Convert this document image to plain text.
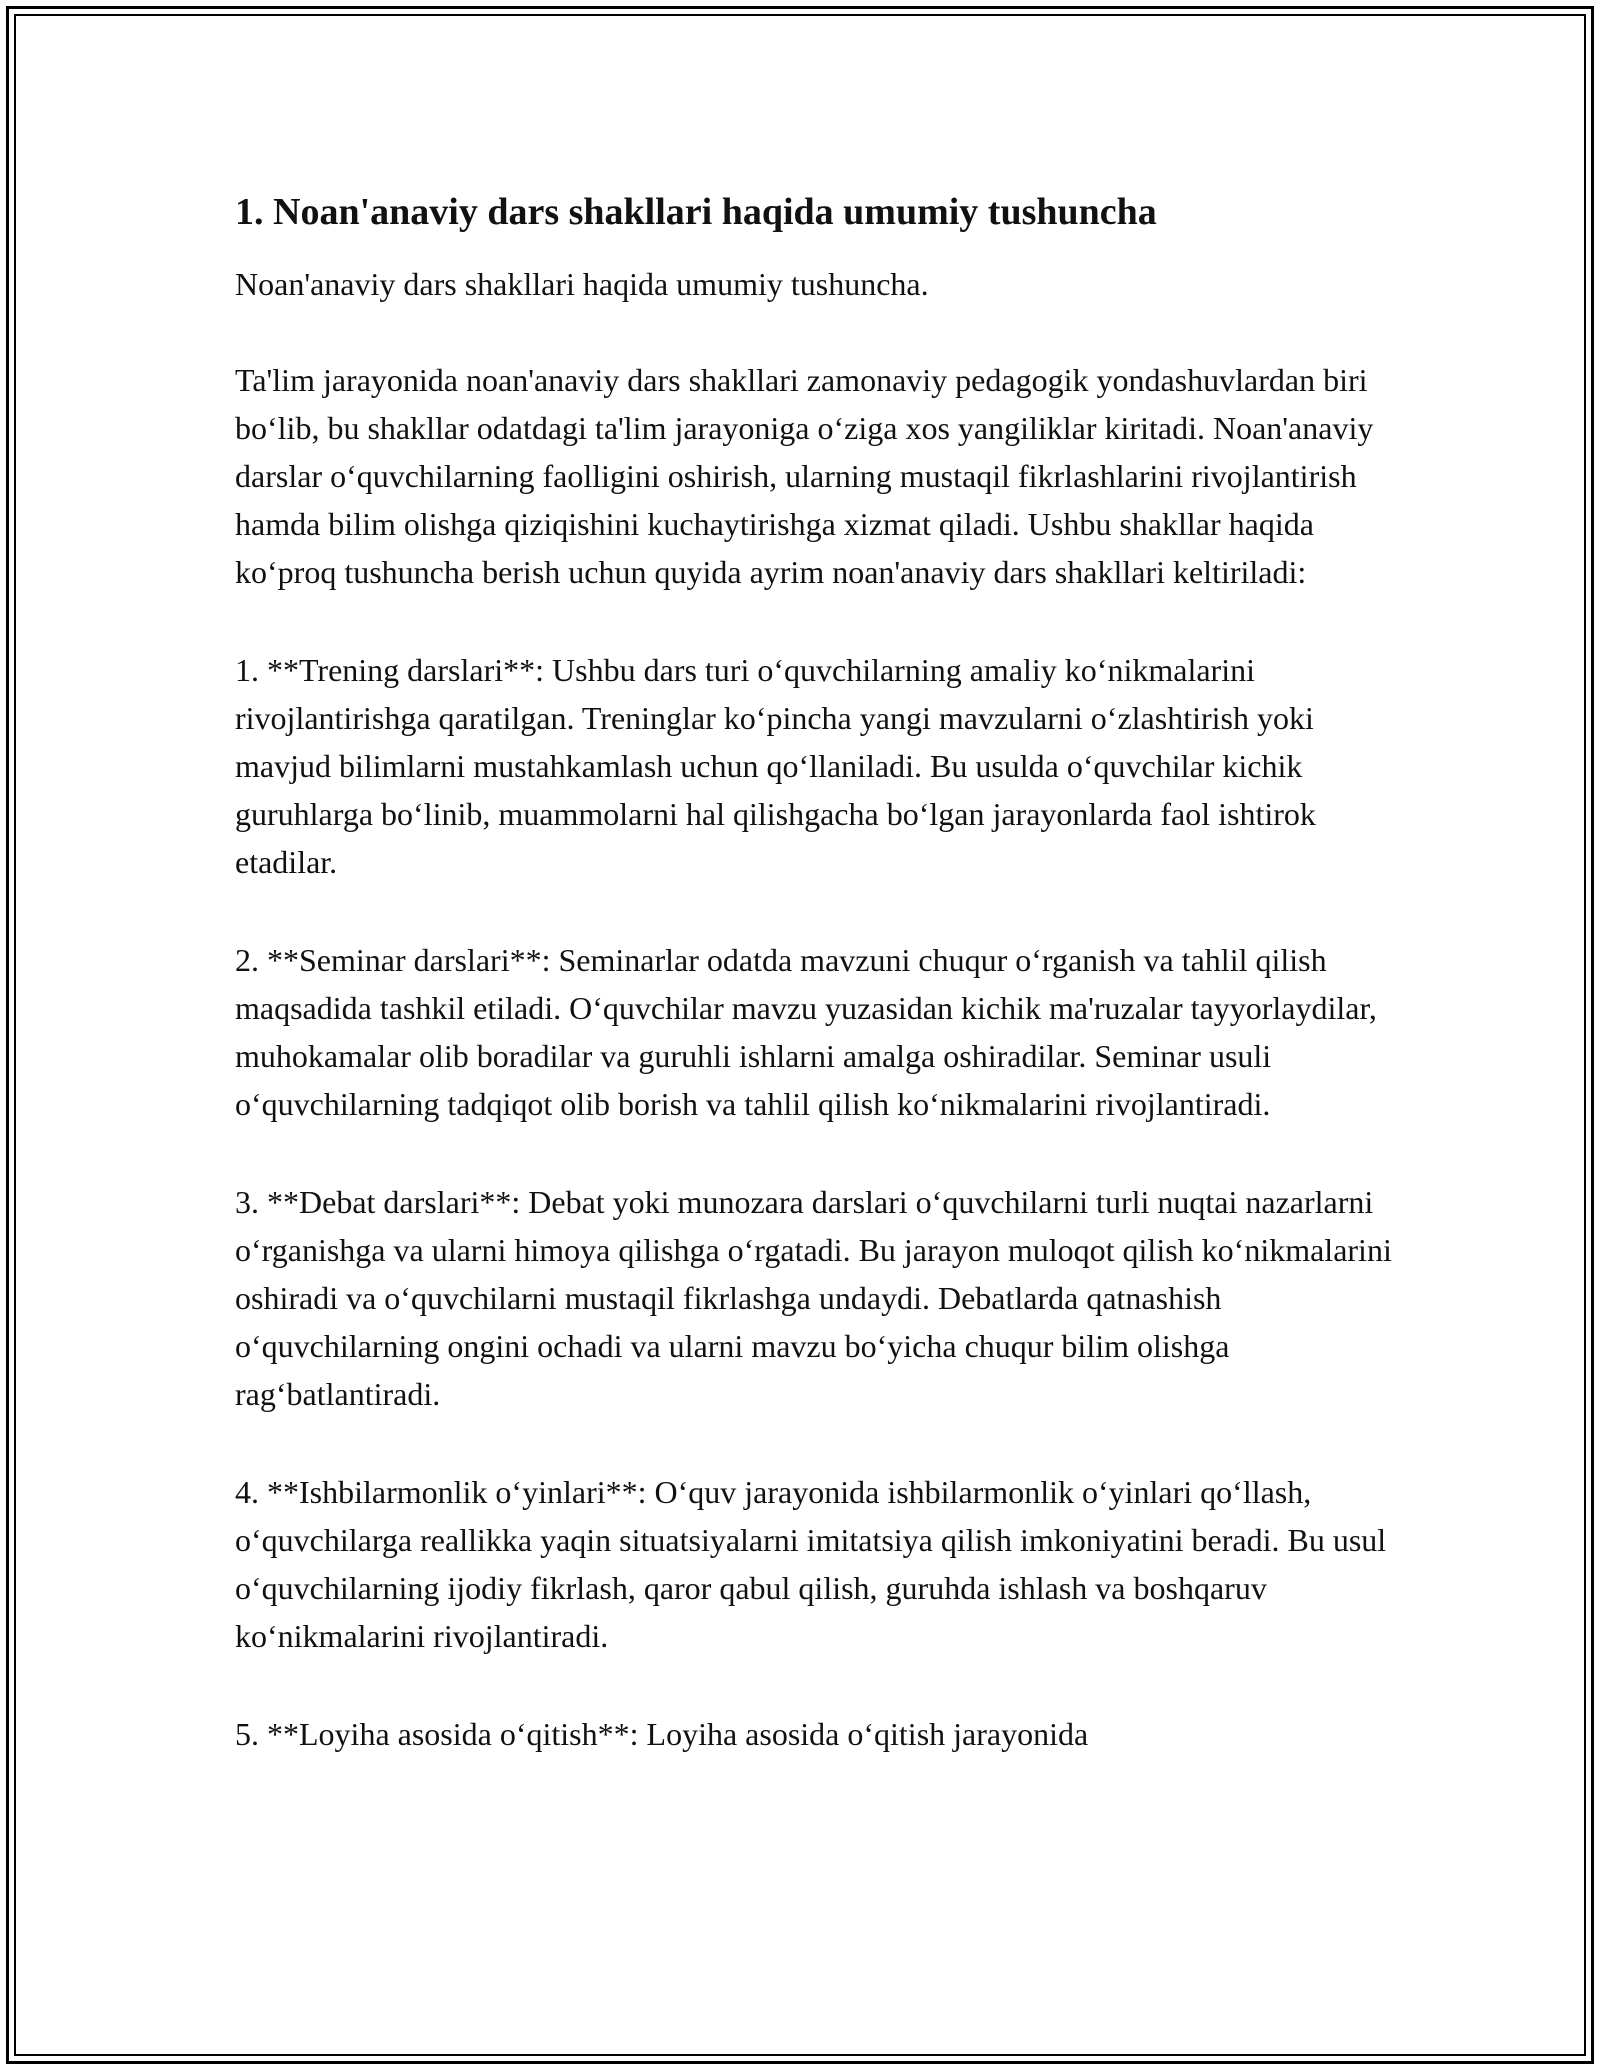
1. Noan'anaviy dars shakllari haqida umumiy tushuncha

Noan'anaviy dars shakllari haqida umumiy tushuncha.

Ta'lim jarayonida noan'anaviy dars shakllari zamonaviy pedagogik yondashuvlardan biri bo‘lib, bu shakllar odatdagi ta'lim jarayoniga o‘ziga xos yangiliklar kiritadi. Noan'anaviy darslar o‘quvchilarning faolligini oshirish, ularning mustaqil fikrlashlarini rivojlantirish hamda bilim olishga qiziqishini kuchaytirishga xizmat qiladi. Ushbu shakllar haqida ko‘proq tushuncha berish uchun quyida ayrim noan'anaviy dars shakllari keltiriladi:

1. **Trening darslari**: Ushbu dars turi o‘quvchilarning amaliy ko‘nikmalarini rivojlantirishga qaratilgan. Treninglar ko‘pincha yangi mavzularni o‘zlashtirish yoki mavjud bilimlarni mustahkamlash uchun qo‘llaniladi. Bu usulda o‘quvchilar kichik guruhlarga bo‘linib, muammolarni hal qilishgacha bo‘lgan jarayonlarda faol ishtirok etadilar.

2. **Seminar darslari**: Seminarlar odatda mavzuni chuqur o‘rganish va tahlil qilish maqsadida tashkil etiladi. O‘quvchilar mavzu yuzasidan kichik ma'ruzalar tayyorlaydilar, muhokamalar olib boradilar va guruhli ishlarni amalga oshiradilar. Seminar usuli o‘quvchilarning tadqiqot olib borish va tahlil qilish ko‘nikmalarini rivojlantiradi.

3. **Debat darslari**: Debat yoki munozara darslari o‘quvchilarni turli nuqtai nazarlarni o‘rganishga va ularni himoya qilishga o‘rgatadi. Bu jarayon muloqot qilish ko‘nikmalarini oshiradi va o‘quvchilarni mustaqil fikrlashga undaydi. Debatlarda qatnashish o‘quvchilarning ongini ochadi va ularni mavzu bo‘yicha chuqur bilim olishga rag‘batlantiradi.

4. **Ishbilarmonlik o‘yinlari**: O‘quv jarayonida ishbilarmonlik o‘yinlari qo‘llash, o‘quvchilarga reallikka yaqin situatsiyalarni imitatsiya qilish imkoniyatini beradi. Bu usul o‘quvchilarning ijodiy fikrlash, qaror qabul qilish, guruhda ishlash va boshqaruv ko‘nikmalarini rivojlantiradi.

5. **Loyiha asosida o‘qitish**: Loyiha asosida o‘qitish jarayonida
